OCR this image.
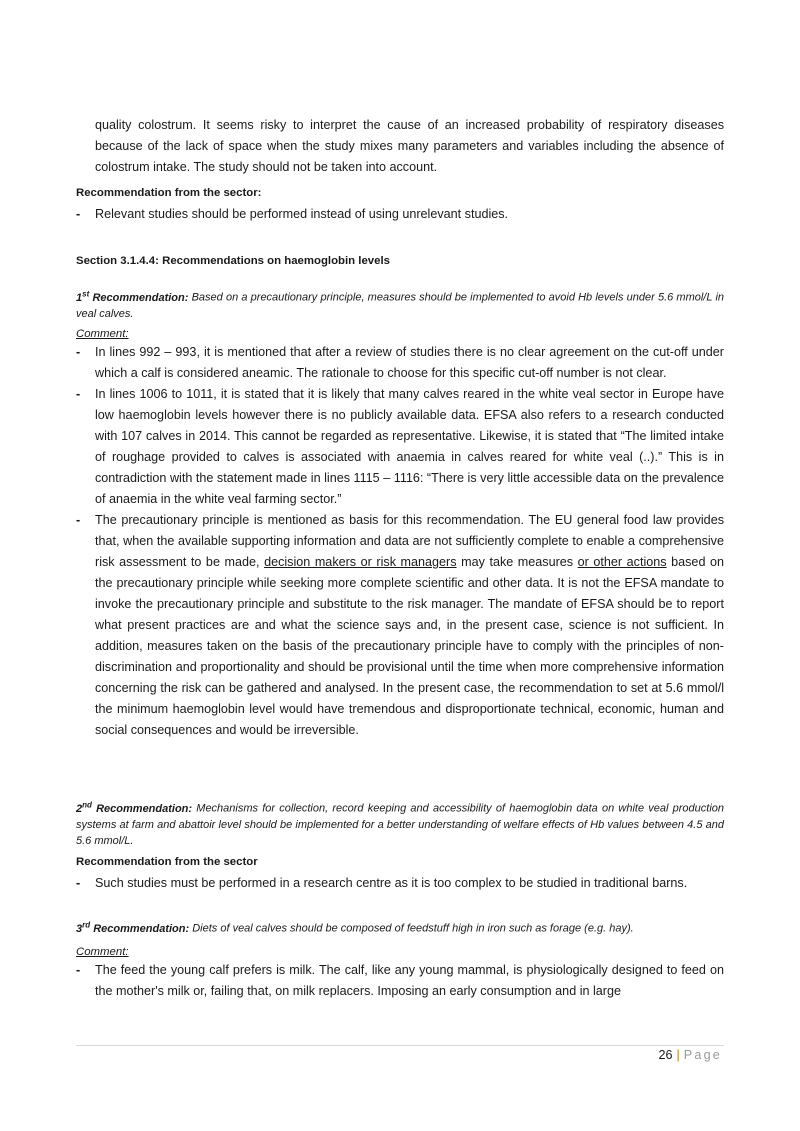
quality colostrum. It seems risky to interpret the cause of an increased probability of respiratory diseases because of the lack of space when the study mixes many parameters and variables including the absence of colostrum intake. The study should not be taken into account.

Recommendation from the sector:

- Relevant studies should be performed instead of using unrelevant studies.

Section 3.1.4.4: Recommendations on haemoglobin levels

1st Recommendation: Based on a precautionary principle, measures should be implemented to avoid Hb levels under 5.6 mmol/L in veal calves.

Comment:

- In lines 992 – 993, it is mentioned that after a review of studies there is no clear agreement on the cut-off under which a calf is considered aneamic. The rationale to choose for this specific cut-off number is not clear.

- In lines 1006 to 1011, it is stated that it is likely that many calves reared in the white veal sector in Europe have low haemoglobin levels however there is no publicly available data. EFSA also refers to a research conducted with 107 calves in 2014. This cannot be regarded as representative. Likewise, it is stated that “The limited intake of roughage provided to calves is associated with anaemia in calves reared for white veal (..).” This is in contradiction with the statement made in lines 1115 – 1116: “There is very little accessible data on the prevalence of anaemia in the white veal farming sector.”

- The precautionary principle is mentioned as basis for this recommendation. The EU general food law provides that, when the available supporting information and data are not sufficiently complete to enable a comprehensive risk assessment to be made, decision makers or risk managers may take measures or other actions based on the precautionary principle while seeking more complete scientific and other data. It is not the EFSA mandate to invoke the precautionary principle and substitute to the risk manager. The mandate of EFSA should be to report what present practices are and what the science says and, in the present case, science is not sufficient. In addition, measures taken on the basis of the precautionary principle have to comply with the principles of non-discrimination and proportionality and should be provisional until the time when more comprehensive information concerning the risk can be gathered and analysed. In the present case, the recommendation to set at 5.6 mmol/l the minimum haemoglobin level would have tremendous and disproportionate technical, economic, human and social consequences and would be irreversible.

2nd Recommendation: Mechanisms for collection, record keeping and accessibility of haemoglobin data on white veal production systems at farm and abattoir level should be implemented for a better understanding of welfare effects of Hb values between 4.5 and 5.6 mmol/L.

Recommendation from the sector

- Such studies must be performed in a research centre as it is too complex to be studied in traditional barns.

3rd Recommendation: Diets of veal calves should be composed of feedstuff high in iron such as forage (e.g. hay).

Comment:

- The feed the young calf prefers is milk. The calf, like any young mammal, is physiologically designed to feed on the mother's milk or, failing that, on milk replacers. Imposing an early consumption and in large

26 | Page
